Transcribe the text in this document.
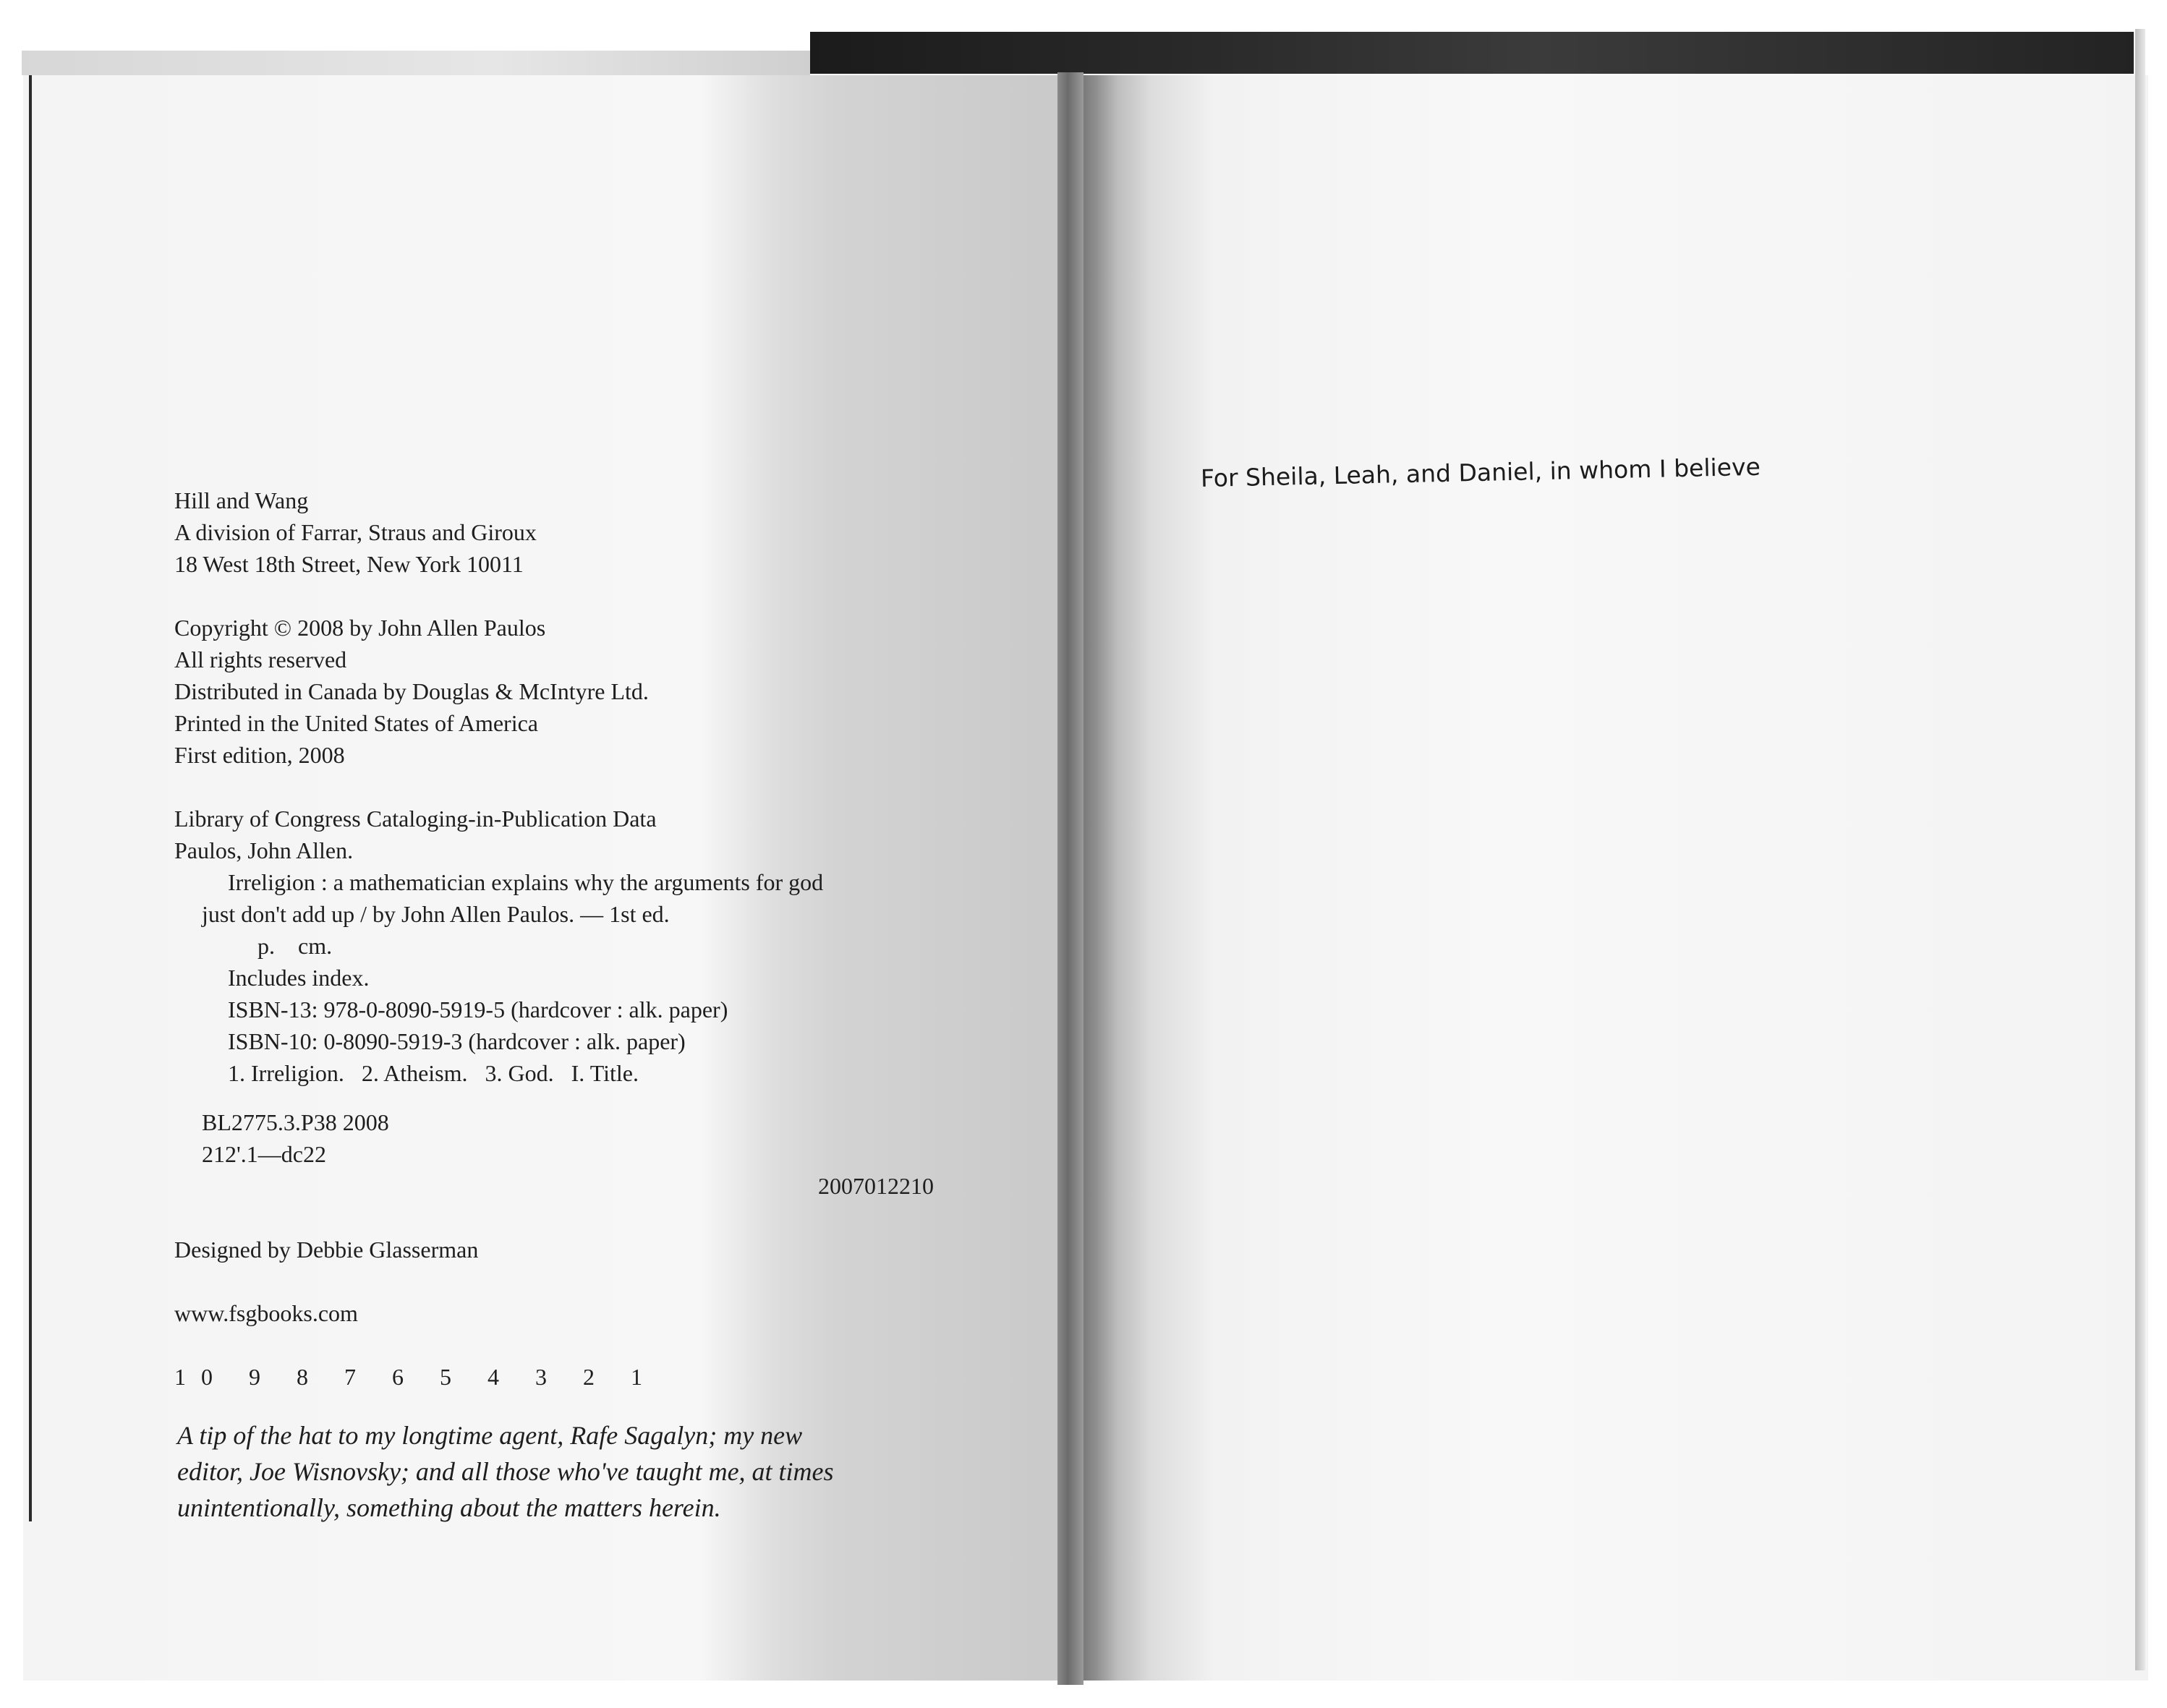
Hill and Wang
A division of Farrar, Straus and Giroux
18 West 18th Street, New York 10011
Copyright © 2008 by John Allen Paulos
All rights reserved
Distributed in Canada by Douglas & McIntyre Ltd.
Printed in the United States of America
First edition, 2008
Library of Congress Cataloging-in-Publication Data
Paulos, John Allen.
Irreligion : a mathematician explains why the arguments for god
just don't add up / by John Allen Paulos. — 1st ed.
p.    cm.
Includes index.
ISBN-13: 978-0-8090-5919-5 (hardcover : alk. paper)
ISBN-10: 0-8090-5919-3 (hardcover : alk. paper)
1. Irreligion.   2. Atheism.   3. God.   I. Title.
BL2775.3.P38 2008
212'.1—dc22
2007012210
Designed by Debbie Glasserman
www.fsgbooks.com
10 9 8 7 6 5 4 3 2 1
A tip of the hat to my longtime agent, Rafe Sagalyn; my new
editor, Joe Wisnovsky; and all those who've taught me, at times
unintentionally, something about the matters herein.
For Sheila, Leah, and Daniel, in whom I believe
